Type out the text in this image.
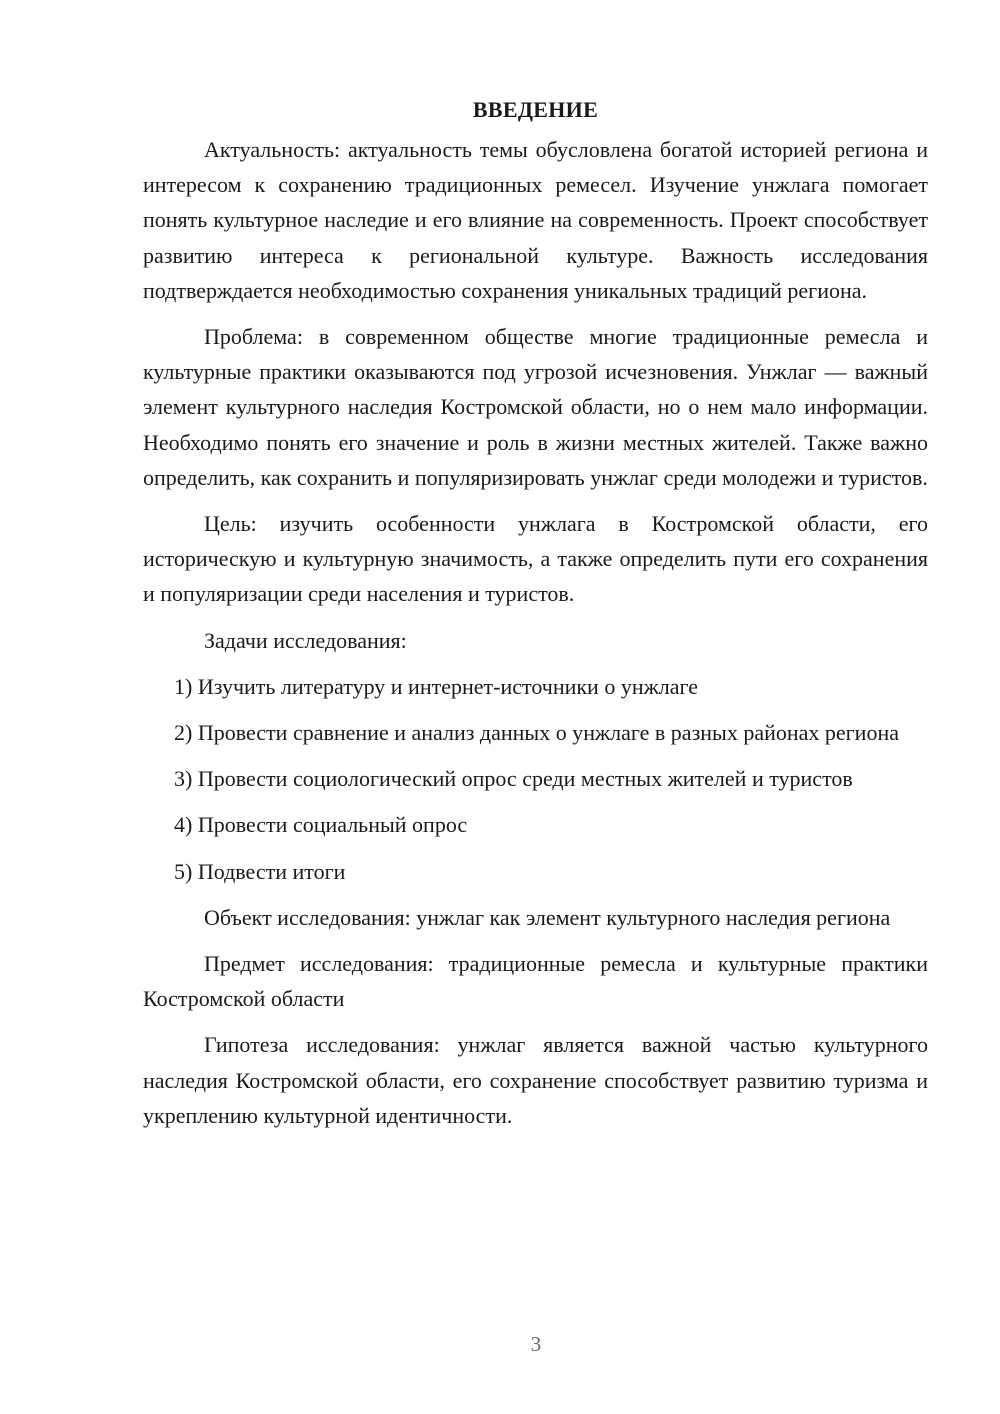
ВВЕДЕНИЕ

Актуальность: актуальность темы обусловлена богатой историей региона и интересом к сохранению традиционных ремесел. Изучение унжлага помогает понять культурное наследие и его влияние на современность. Проект способствует развитию интереса к региональной культуре. Важность исследования подтверждается необходимостью сохранения уникальных традиций региона.

Проблема: в современном обществе многие традиционные ремесла и культурные практики оказываются под угрозой исчезновения. Унжлаг — важный элемент культурного наследия Костромской области, но о нем мало информации. Необходимо понять его значение и роль в жизни местных жителей. Также важно определить, как сохранить и популяризировать унжлаг среди молодежи и туристов.

Цель: изучить особенности унжлага в Костромской области, его историческую и культурную значимость, а также определить пути его сохранения и популяризации среди населения и туристов.

Задачи исследования:

1) Изучить литературу и интернет-источники о унжлаге

2) Провести сравнение и анализ данных о унжлаге в разных районах региона

3) Провести социологический опрос среди местных жителей и туристов

4) Провести социальный опрос

5) Подвести итоги

Объект исследования: унжлаг как элемент культурного наследия региона

Предмет исследования: традиционные ремесла и культурные практики Костромской области

Гипотеза исследования: унжлаг является важной частью культурного наследия Костромской области, его сохранение способствует развитию туризма и укреплению культурной идентичности.

3
